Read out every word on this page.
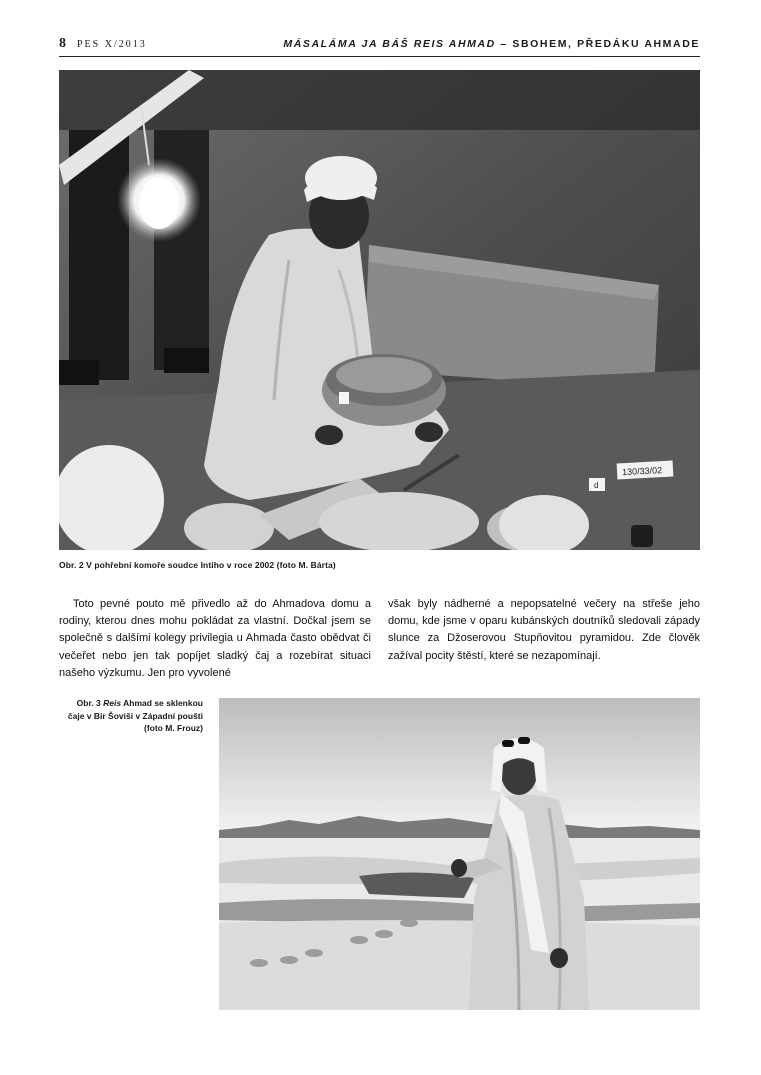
8 PES X/2013	MÁSALÁMA JA BÁŠ REIS AHMAD – SBOHEM, PŘEDÁKU AHMADE
130/33/02
d
Obr. 2 V pohřební komoře soudce Intiho v roce 2002 (foto M. Bárta)

Toto pevné pouto mě přivedlo až do Ahmadova domu a rodiny, kterou dnes mohu pokládat za vlastní. Dočkal jsem se společně s dalšími kolegy privilegia u Ahmada často obědvat či večeřet nebo jen tak popíjet sladký čaj a rozebírat situaci našeho výzkumu. Jen pro vyvolené

však byly nádherné a nepopsatelné večery na střeše jeho domu, kde jsme v oparu kubánských doutníků sledovali západy slunce za Džoserovou Stupňovitou pyramidou. Zde člověk zažíval pocity štěstí, které se nezapomínají.

Obr. 3 Reis Ahmad se sklenkou čaje v Bír Šoviši v Západní poušti (foto M. Frouz)
